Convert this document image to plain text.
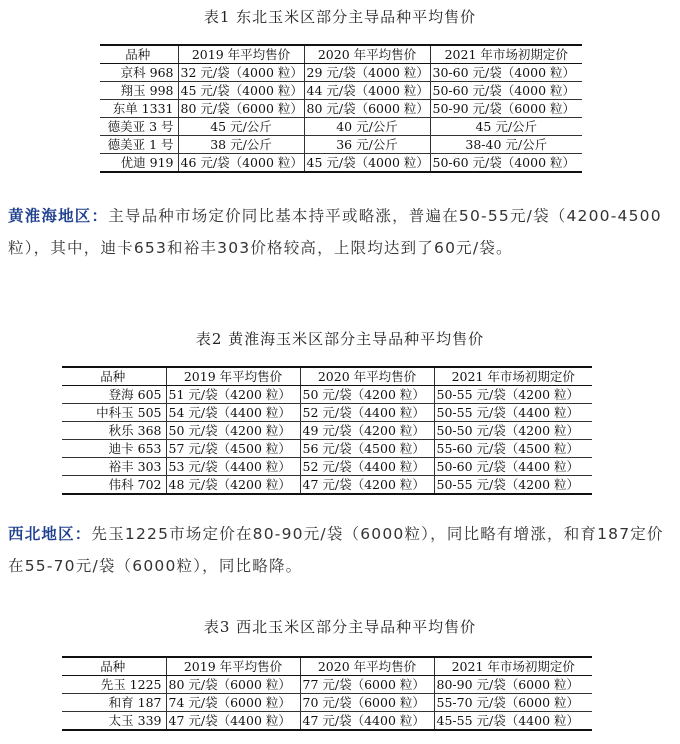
表1 东北玉米区部分主导品种平均售价
品种	2019 年平均售价	2020 年平均售价	2021 年市场初期定价
京科 968	32 元/袋（4000 粒）	29 元/袋（4000 粒）	30-60 元/袋（4000 粒）
翔玉 998	45 元/袋（4000 粒）	44 元/袋（4000 粒）	50-60 元/袋（4000 粒）
东单 1331	80 元/袋（6000 粒）	80 元/袋（6000 粒）	50-90 元/袋（6000 粒）
德美亚 3 号	45 元/公斤	40 元/公斤	45 元/公斤
德美亚 1 号	38 元/公斤	36 元/公斤	38-40 元/公斤
优迪 919	46 元/袋（4000 粒）	45 元/袋（4000 粒）	50-60 元/袋（4000 粒）
黄淮海地区：主导品种市场定价同比基本持平或略涨，普遍在50-55元/袋（4200-4500粒），其中，迪卡653和裕丰303价格较高，上限均达到了60元/袋。
表2 黄淮海玉米区部分主导品种平均售价
品种	2019 年平均售价	2020 年平均售价	2021 年市场初期定价
登海 605	51 元/袋（4200 粒）	50 元/袋（4200 粒）	50-55 元/袋（4200 粒）
中科玉 505	54 元/袋（4400 粒）	52 元/袋（4400 粒）	50-55 元/袋（4400 粒）
秋乐 368	50 元/袋（4200 粒）	49 元/袋（4200 粒）	50-50 元/袋（4200 粒）
迪卡 653	57 元/袋（4500 粒）	56 元/袋（4500 粒）	55-60 元/袋（4500 粒）
裕丰 303	53 元/袋（4400 粒）	52 元/袋（4400 粒）	50-60 元/袋（4400 粒）
伟科 702	48 元/袋（4200 粒）	47 元/袋（4200 粒）	50-55 元/袋（4200 粒）
西北地区：先玉1225市场定价在80-90元/袋（6000粒），同比略有增涨，和育187定价在55-70元/袋（6000粒），同比略降。
表3 西北玉米区部分主导品种平均售价
品种	2019 年平均售价	2020 年平均售价	2021 年市场初期定价
先玉 1225	80 元/袋（6000 粒）	77 元/袋（6000 粒）	80-90 元/袋（6000 粒）
和育 187	74 元/袋（6000 粒）	70 元/袋（6000 粒）	55-70 元/袋（6000 粒）
太玉 339	47 元/袋（4400 粒）	47 元/袋（4400 粒）	45-55 元/袋（4400 粒）
